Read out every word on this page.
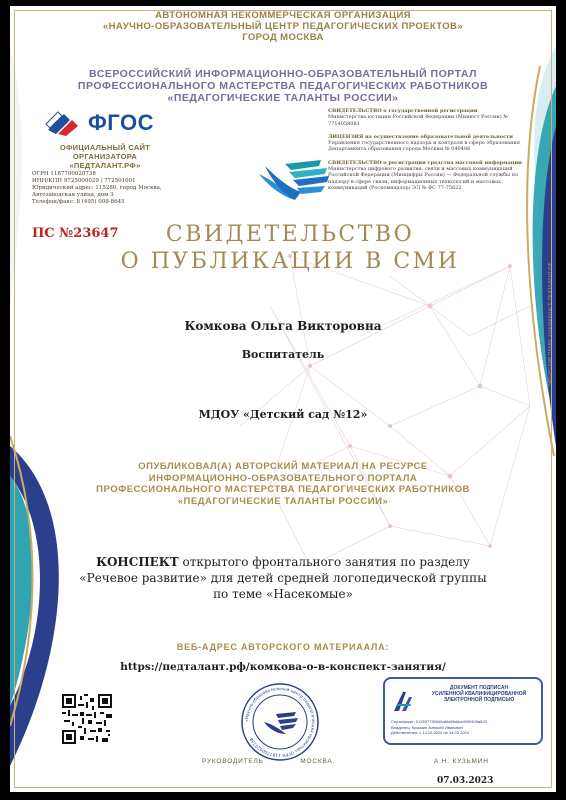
АВТОНОМНАЯ НЕКОММЕРЧЕСКАЯ ОРГАНИЗАЦИЯ
«НАУЧНО-ОБРАЗОВАТЕЛЬНЫЙ ЦЕНТР ПЕДАГОГИЧЕСКИХ ПРОЕКТОВ»
ГОРОД МОСКВА
ВСЕРОССИЙСКИЙ ИНФОРМАЦИОННО-ОБРАЗОВАТЕЛЬНЫЙ ПОРТАЛ
ПРОФЕССИОНАЛЬНОГО МАСТЕРСТВА ПЕДАГОГИЧЕСКИХ РАБОТНИКОВ
«ПЕДАГОГИЧЕСКИЕ ТАЛАНТЫ РОССИИ»
ФГОС
ОФИЦИАЛЬНЫЙ САЙТ
ОРГАНИЗАТОРА
«ПЕДТАЛАНТ.РФ»
ОГРН 1187700020738
ИНН/КПП 9725000029 / 772501001
Юридический адрес: 115280, город Москва,
Автозаводская улица, дом 3
Телефон/факс: 8 (495) 008-8645

СВИДЕТЕЛЬСТВО о государственной регистрации
Министерства юстиции Российской Федерации (Минюст России) № 7714058081

ЛИЦЕНЗИЯ на осуществление образовательной деятельности
Управления государственного надзора и контроля в сфере образования Департамента образования города Москвы № 040486

СВИДЕТЕЛЬСТВО о регистрации средства массовой информации
Министерства цифрового развития, связи и массовых коммуникаций Российской Федерации (Минцифры России) — Федеральной службы по надзору в сфере связи, информационных технологий и массовых коммуникаций (Роскомнадзор) ЭЛ № ФС 77-75622

ПС №23647	СВИДЕТЕЛЬСТВО
О ПУБЛИКАЦИИ В СМИ
Комкова Ольга Викторовна
Воспитатель
МДОУ «Детский сад №12»
ОПУБЛИКОВАЛ(А) АВТОРСКИЙ МАТЕРИАЛ НА РЕСУРСЕ
ИНФОРМАЦИОННО-ОБРАЗОВАТЕЛЬНОГО ПОРТАЛА
ПРОФЕССИОНАЛЬНОГО МАСТЕРСТВА ПЕДАГОГИЧЕСКИХ РАБОТНИКОВ
«ПЕДАГОГИЧЕСКИЕ ТАЛАНТЫ РОССИИ»
КОНСПЕКТ открытого фронтального занятия по разделу
«Речевое развитие» для детей средней логопедической группы
по теме «Насекомые»
ВЕБ-АДРЕС АВТОРСКОГО МАТЕРИААЛА:
https://педталант.рф/комкова-о-в-конспект-занятия/
«Научно-образовательный центр педагогических проектов» ОГРН 1187700020738
РУКОВОДИТЕЛЬ	МОСКВА	А.Н. КУЗЬМИН
07.03.2023
ДОКУМЕНТ ПОДПИСАН
УСИЛЕННОЙ КВАЛИФИЦИРОВАННОЙ
ЭЛЕКТРОННОЙ ПОДПИСЬЮ
Сертификат: 0126377300d6af0d66d6dc590f409a523
Владелец: Кузьмин Алексей Иванович
Действителен: с 14.12.2022 по 14.03.2024
АВТОРСКИЕ ПРАВА ЗАЩИЩЕНЫ © ПЕДТАЛАНТ.РФ
